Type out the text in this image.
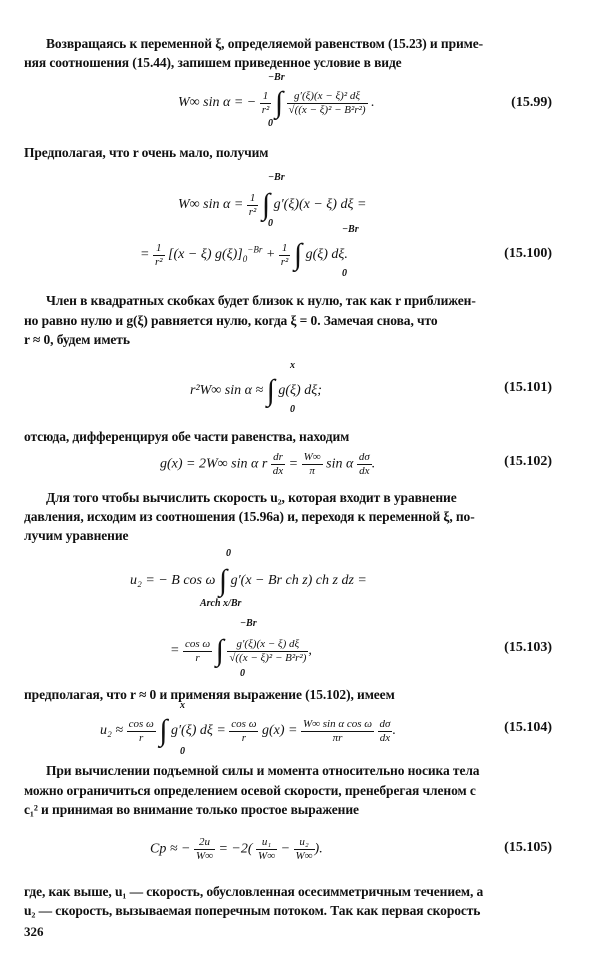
Возвращаясь к переменной ξ, определяемой равенством (15.23) и приме-
няя соотношения (15.44), запишем приведенное условие в виде
W∞ sin α = − $\frac{1}{\text{r²}}$ ∫ $\frac{\text{g′(ξ)(x − ξ)² dξ}}{\text{√((x − ξ)² − B²r²)}}$ .
−Br
0
(15.99)
Предполагая, что r очень мало, получим
W∞ $\sin \alpha = \frac{1}{\text{r²}}$ ∫ g′(ξ)(x − ξ) dξ =
−Br
0
= $\frac{1}{\text{r²}} [(x - \xi) g(\xi)]_0^{-Br} + \frac{1}{\text{r²}}$ ∫ g(ξ) dξ.
−Br
0
(15.100)
Член в квадратных скобках будет близок к нулю, так как r приближен-
но равно нулю и g(ξ) равняется нулю, когда ξ = 0. Замечая снова, что
r ≈ 0, будем иметь
r²W∞ sin α ≈ ∫ g(ξ) dξ;
x
0
(15.101)
отсюда, дифференцируя обе части равенства, находим
g(x) = 2W∞ sin α r $\frac{dr}{dx} = \frac{W\infty}{\pi}$ sin α $\frac{d\sigma}{dx}$ .	(15.102)
Для того чтобы вычислить скорость u₂, которая входит в уравнение
давления, исходим из соотношения (15.96а) и, переходя к переменной ξ, по-
лучим уравнение
u₂ = − B cos ω ∫ g′(x − Br ch z) ch z dz =
0
Arch x/Br
= $\frac{\text{cos ω}}{r}$ ∫ $\frac{g'(\xi)(x - \xi) d\xi}{\text{√((x − ξ)² − B²r²)}}$ ,
−Br
0
(15.103)
предполагая, что r ≈ 0 и применяя выражение (15.102), имеем
$u_2 \approx \frac{\text{cos ω}}{r}$ ∫ g′(ξ) $d\xi = \frac{\text{cos ω}}{r} g(x) = \frac{\text{W∞ sin α cos ω}}{\pi r}$
$\frac{d\sigma}{dx}$ .
x
0
(15.104)
При вычислении подъемной силы и момента относительно носика тела
можно ограничиться определением осевой скорости, пренебрегая членом с
c₁² и принимая во внимание только простое выражение
Cp ≈ − $\frac{2u}{W\infty} = -2( \frac{\text{u₁}}{W\infty} - \frac{\text{u₂}}{W\infty}$ ).	(15.105)
где, как выше, u₁ — скорость, обусловленная осесимметричным течением, а
u₂ — скорость, вызываемая поперечным потоком. Так как первая скорость
326
